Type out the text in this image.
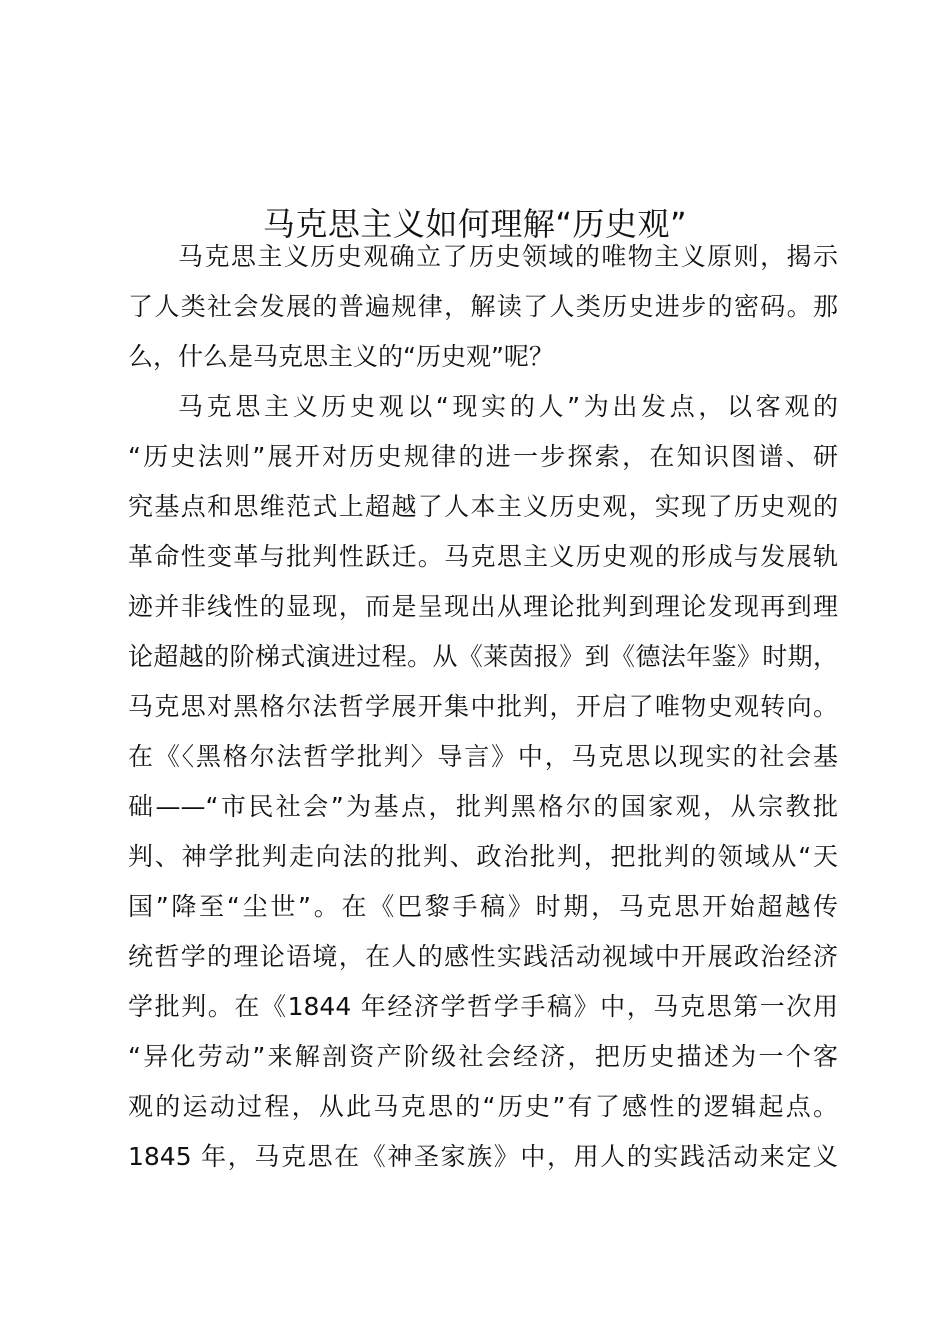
马克思主义如何理解“历史观”
马克思主义历史观确立了历史领域的唯物主义原则，揭示
了人类社会发展的普遍规律，解读了人类历史进步的密码。那
么，什么是马克思主义的“历史观”呢？
马克思主义历史观以“现实的人”为出发点，以客观的
“历史法则”展开对历史规律的进一步探索，在知识图谱、研
究基点和思维范式上超越了人本主义历史观，实现了历史观的
革命性变革与批判性跃迁。马克思主义历史观的形成与发展轨
迹并非线性的显现，而是呈现出从理论批判到理论发现再到理
论超越的阶梯式演进过程。从《莱茵报》到《德法年鉴》时期，
马克思对黑格尔法哲学展开集中批判，开启了唯物史观转向。
在《〈黑格尔法哲学批判〉导言》中，马克思以现实的社会基
础——“市民社会”为基点，批判黑格尔的国家观，从宗教批
判、神学批判走向法的批判、政治批判，把批判的领域从“天
国”降至“尘世”。在《巴黎手稿》时期，马克思开始超越传
统哲学的理论语境，在人的感性实践活动视域中开展政治经济
学批判。在《1844 年经济学哲学手稿》中，马克思第一次用
“异化劳动”来解剖资产阶级社会经济，把历史描述为一个客
观的运动过程，从此马克思的“历史”有了感性的逻辑起点。
1845 年，马克思在《神圣家族》中，用人的实践活动来定义
